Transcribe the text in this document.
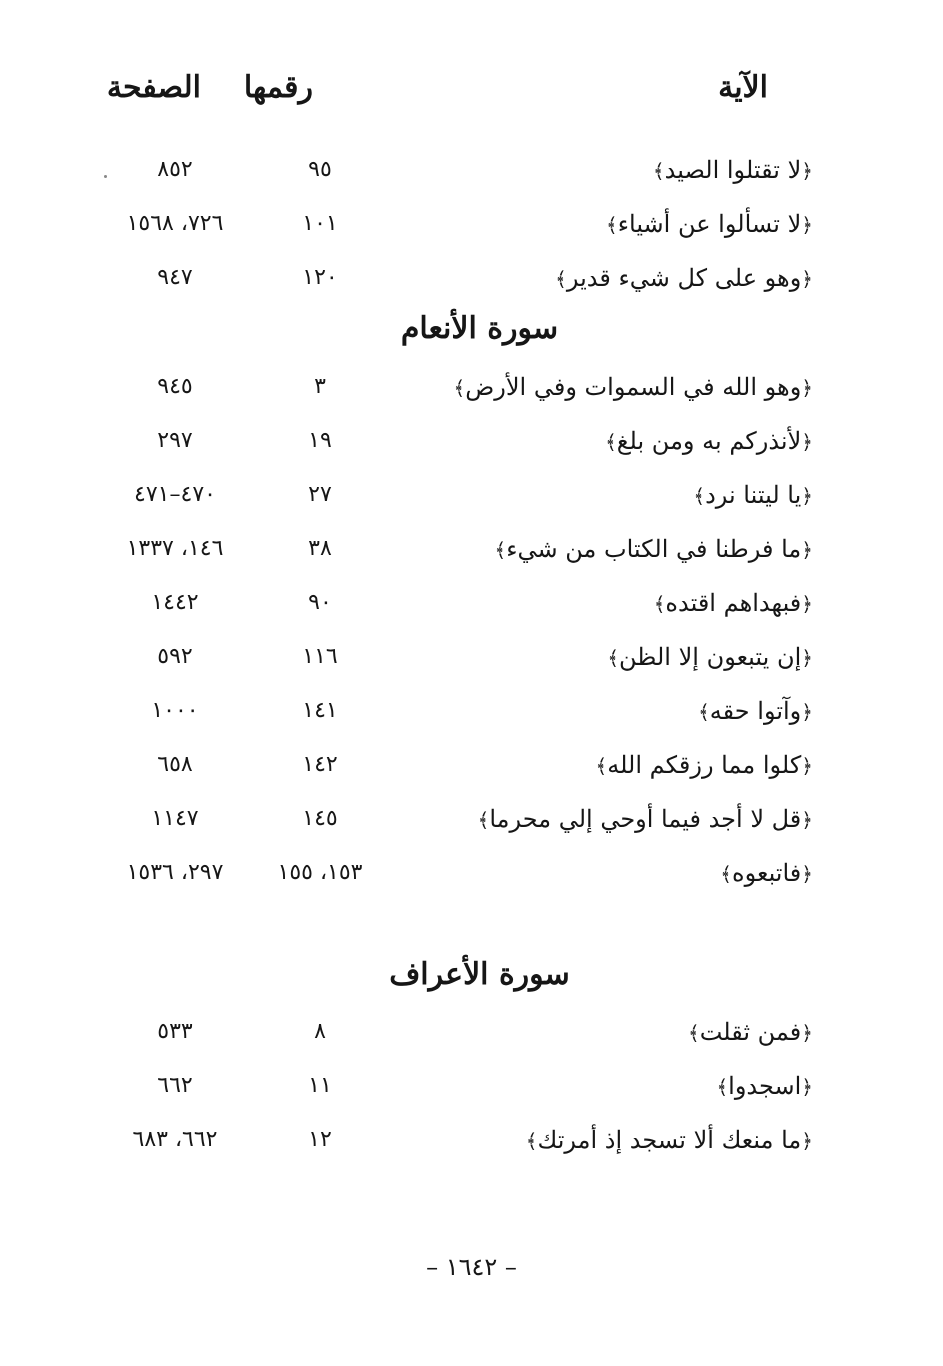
الآية
رقمها
الصفحة
﴿لا تقتلوا الصيد﴾
٩٥
٨٥٢
﴿لا تسألوا عن أشياء﴾
١٠١
٧٢٦، ١٥٦٨
﴿وهو على كل شيء قدير﴾
١٢٠
٩٤٧
﴿وهو الله في السموات وفي الأرض﴾
٣
٩٤٥
﴿لأنذركم به ومن بلغ﴾
١٩
٢٩٧
﴿يا ليتنا نرد﴾
٢٧
٤٧٠–٤٧١
﴿ما فرطنا في الكتاب من شيء﴾
٣٨
١٤٦، ١٣٣٧
﴿فبهداهم اقتده﴾
٩٠
١٤٤٢
﴿إن يتبعون إلا الظن﴾
١١٦
٥٩٢
﴿وآتوا حقه﴾
١٤١
١٠٠٠
﴿كلوا مما رزقكم الله﴾
١٤٢
٦٥٨
﴿قل لا أجد فيما أوحي إلي محرما﴾
١٤٥
١١٤٧
﴿فاتبعوه﴾
١٥٣، ١٥٥
٢٩٧، ١٥٣٦
﴿فمن ثقلت﴾
٨
٥٣٣
﴿اسجدوا﴾
١١
٦٦٢
﴿ما منعك ألا تسجد إذ أمرتك﴾
١٢
٦٦٢، ٦٨٣
سورة الأنعام
سورة الأعراف
– ١٦٤٢ –
